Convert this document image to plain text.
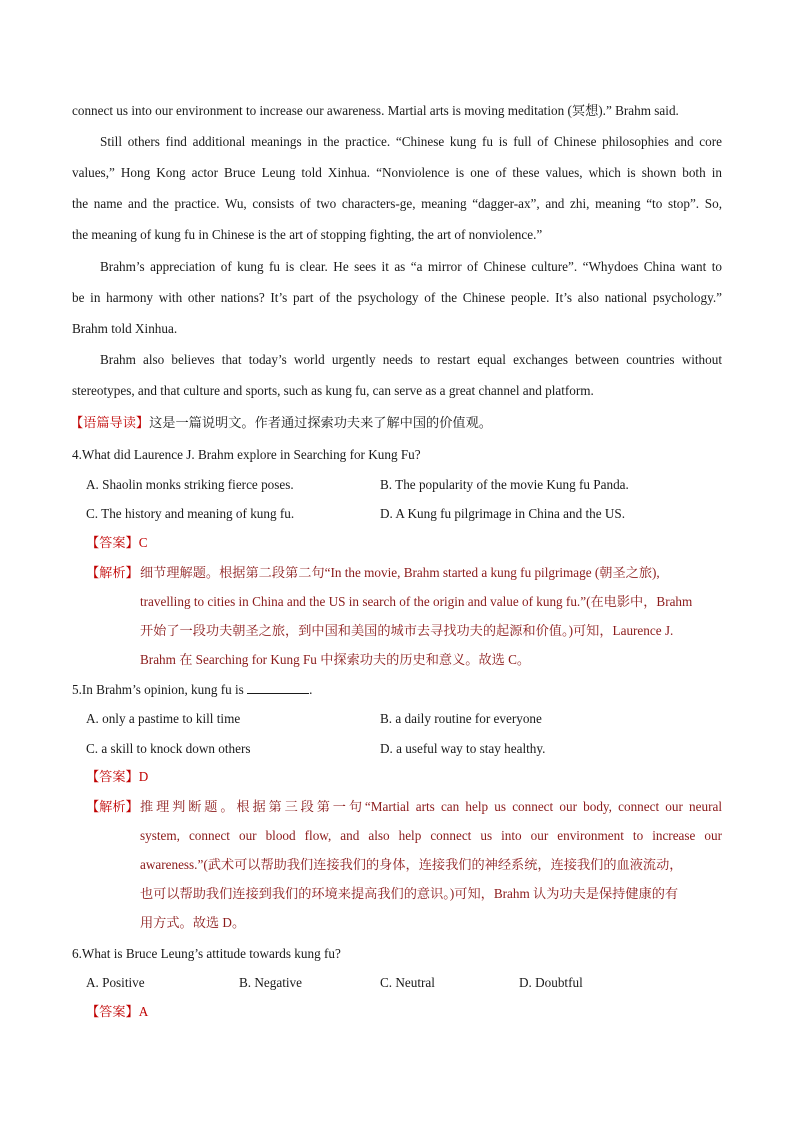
connect us into our environment to increase our awareness. Martial arts is moving meditation (冥想).” Brahm said.
Still others find additional meanings in the practice. “Chinese kung fu is full of Chinese philosophies and core
values,” Hong Kong actor Bruce Leung told Xinhua. “Nonviolence is one of these values, which is shown both in
the name and the practice. Wu, consists of two characters-ge, meaning “dagger-ax”, and zhi, meaning “to stop”. So,
the meaning of kung fu in Chinese is the art of stopping fighting, the art of nonviolence.”
Brahm’s appreciation of kung fu is clear. He sees it as “a mirror of Chinese culture”. “Whydoes China want to
be in harmony with other nations? It’s part of the psychology of the Chinese people. It’s also national psychology.”
Brahm told Xinhua.
Brahm also believes that today’s world urgently needs to restart equal exchanges between countries without
stereotypes, and that culture and sports, such as kung fu, can serve as a great channel and platform.
【语篇导读】这是一篇说明文。作者通过探索功夫来了解中国的价值观。
4.What did Laurence J. Brahm explore in Searching for Kung Fu?
A. Shaolin monks striking fierce poses.	B. The popularity of the movie Kung fu Panda.
C. The history and meaning of kung fu.	D. A Kung fu pilgrimage in China and the US.
【答案】C
【解析】 细节理解题。根据第二段第二句“In the movie, Brahm started a kung fu pilgrimage (朝圣之旅),
travelling to cities in China and the US in search of the origin and value of kung fu.”(在电影中，Brahm
开始了一段功夫朝圣之旅，到中国和美国的城市去寻找功夫的起源和价值。)可知，Laurence J.
Brahm 在 Searching for Kung Fu 中探索功夫的历史和意义。故选 C。
5.In Brahm’s opinion, kung fu is	.
A. only a pastime to kill time	B. a daily routine for everyone
C. a skill to knock down others	D. a useful way to stay healthy.
【答案】D
【解析】 推理判断题。根据第三段第一句“Martial arts can help us connect our body, connect our neural
system, connect our blood flow, and also help connect us into our environment to increase our
awareness.”(武术可以帮助我们连接我们的身体，连接我们的神经系统，连接我们的血液流动，
也可以帮助我们连接到我们的环境来提高我们的意识。)可知，Brahm 认为功夫是保持健康的有
用方式。故选 D。
6.What is Bruce Leung’s attitude towards kung fu?
A. Positive	B. Negative	C. Neutral	D. Doubtful
【答案】A
